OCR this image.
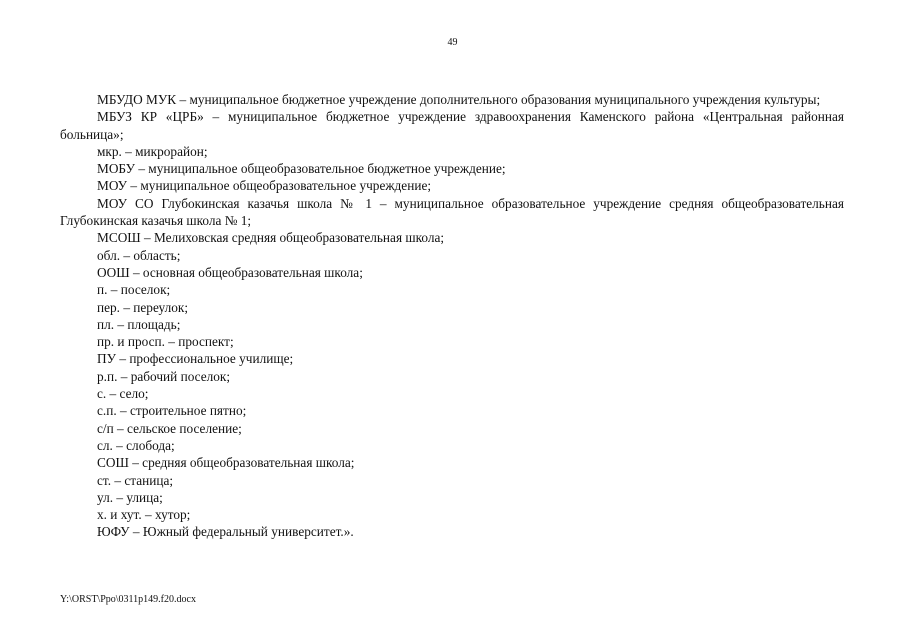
49

МБУДО МУК – муниципальное бюджетное учреждение дополнительного образования муниципального учреждения культуры;

МБУЗ КР «ЦРБ» – муниципальное бюджетное учреждение здравоохранения Каменского района «Центральная районная больница»;

мкр. – микрорайон;

МОБУ – муниципальное общеобразовательное бюджетное учреждение;

МОУ – муниципальное общеобразовательное учреждение;

МОУ СО Глубокинская казачья школа № 1 – муниципальное образовательное учреждение средняя общеобразовательная Глубокинская казачья школа № 1;

МСОШ – Мелиховская средняя общеобразовательная школа;

обл. – область;

ООШ – основная общеобразовательная школа;

п. – поселок;

пер. – переулок;

пл. – площадь;

пр. и просп. – проспект;

ПУ – профессиональное училище;

р.п. – рабочий поселок;

с. – село;

с.п. – строительное пятно;

с/п – сельское поселение;

сл. – слобода;

СОШ – средняя общеобразовательная школа;

ст. – станица;

ул. – улица;

х. и хут. – хутор;

ЮФУ – Южный федеральный университет.».

Y:\ORST\Ppo\0311p149.f20.docx
